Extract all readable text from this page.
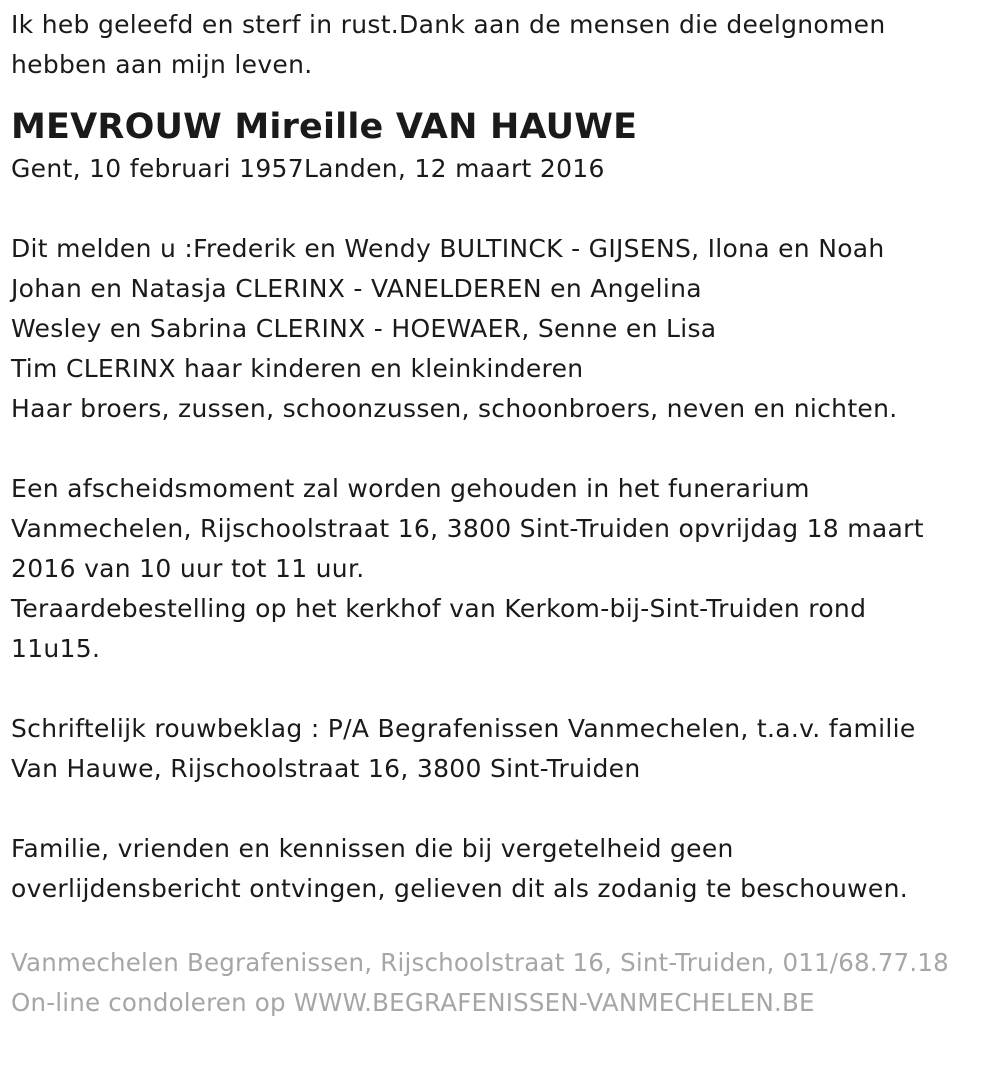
Ik heb geleefd en sterf in rust.Dank aan de mensen die deelgnomen

hebben aan mijn leven.

MEVROUW Mireille VAN HAUWE

Gent, 10 februari 1957Landen, 12 maart 2016

Dit melden u :Frederik en Wendy BULTINCK - GIJSENS, Ilona en Noah

Johan en Natasja CLERINX - VANELDEREN en Angelina

Wesley en Sabrina CLERINX - HOEWAER, Senne en Lisa

Tim CLERINX haar kinderen en kleinkinderen

Haar broers, zussen, schoonzussen, schoonbroers, neven en nichten.

Een afscheidsmoment zal worden gehouden in het funerarium

Vanmechelen, Rijschoolstraat 16, 3800 Sint-Truiden opvrijdag 18 maart

2016 van 10 uur tot 11 uur.

Teraardebestelling op het kerkhof van Kerkom-bij-Sint-Truiden rond

11u15.

Schriftelijk rouwbeklag : P/A Begrafenissen Vanmechelen, t.a.v. familie

Van Hauwe, Rijschoolstraat 16, 3800 Sint-Truiden

Familie, vrienden en kennissen die bij vergetelheid geen

overlijdensbericht ontvingen, gelieven dit als zodanig te beschouwen.

Vanmechelen Begrafenissen, Rijschoolstraat 16, Sint-Truiden, 011/68.77.18

On-line condoleren op WWW.BEGRAFENISSEN-VANMECHELEN.BE
